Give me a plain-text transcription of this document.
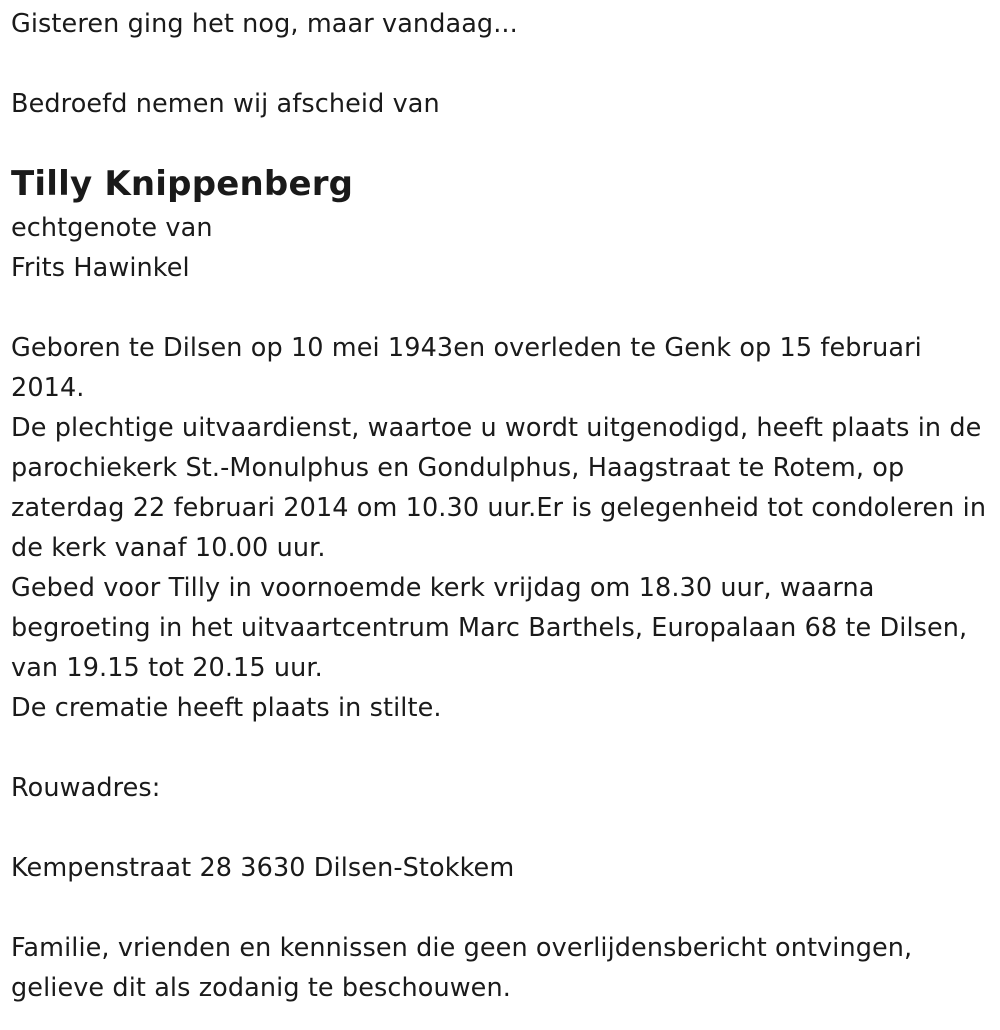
Gisteren ging het nog, maar vandaag...

Bedroefd nemen wij afscheid van

Tilly Knippenberg

echtgenote van

Frits Hawinkel

Geboren te Dilsen op 10 mei 1943en overleden te Genk op 15 februari 2014.

De plechtige uitvaardienst, waartoe u wordt uitgenodigd, heeft plaats in de parochiekerk St.-Monulphus en Gondulphus, Haagstraat te Rotem, op zaterdag 22 februari 2014 om 10.30 uur.Er is gelegenheid tot condoleren in de kerk vanaf 10.00 uur.

Gebed voor Tilly in voornoemde kerk vrijdag om 18.30 uur, waarna begroeting in het uitvaartcentrum Marc Barthels, Europalaan 68 te Dilsen, van 19.15 tot 20.15 uur.

De crematie heeft plaats in stilte.

Rouwadres:

Kempenstraat 28 3630 Dilsen-Stokkem

Familie, vrienden en kennissen die geen overlijdensbericht ontvingen, gelieve dit als zodanig te beschouwen.
